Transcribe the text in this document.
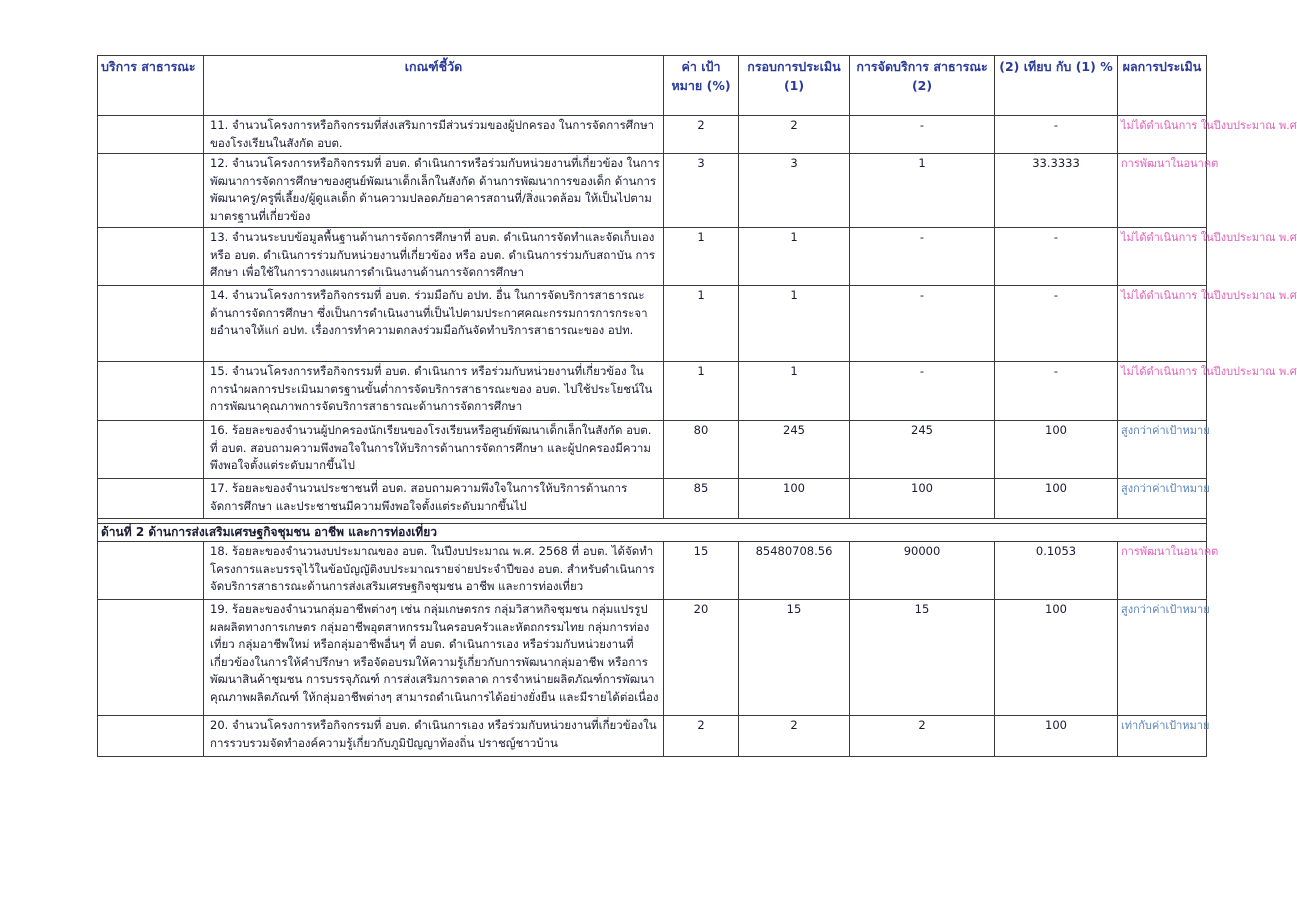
บริการ สาธารณะ	เกณฑ์ชี้วัด	ค่า เป้าหมาย (%)	กรอบการประเมิน (1)	การจัดบริการ สาธารณะ (2)	(2) เทียบ กับ (1) %	ผลการประเมิน
	11. จำนวนโครงการหรือกิจกรรมที่ส่งเสริมการมีส่วนร่วมของผู้ปกครอง ในการจัดการศึกษาของโรงเรียนในสังกัด อบต.	2	2	-	-	ไม่ได้ดำเนินการ ในปีงบประมาณ พ.ศ
	12. จำนวนโครงการหรือกิจกรรมที่ อบต. ดำเนินการหรือร่วมกับหน่วยงานที่เกี่ยวข้อง ในการพัฒนาการจัดการศึกษาของศูนย์พัฒนาเด็กเล็กในสังกัด ด้านการพัฒนาการของเด็ก ด้านการพัฒนาครู/ครูพี่เลี้ยง/ผู้ดูแลเด็ก ด้านความปลอดภัยอาคารสถานที่/สิ่งแวดล้อม ให้เป็นไปตามมาตรฐานที่เกี่ยวข้อง	3	3	1	33.3333	การพัฒนาในอนาคต
	13. จำนวนระบบข้อมูลพื้นฐานด้านการจัดการศึกษาที่ อบต. ดำเนินการจัดทำและจัดเก็บเอง หรือ อบต. ดำเนินการร่วมกับหน่วยงานที่เกี่ยวข้อง หรือ อบต. ดำเนินการร่วมกับสถาบัน การศึกษา เพื่อใช้ในการวางแผนการดำเนินงานด้านการจัดการศึกษา	1	1	-	-	ไม่ได้ดำเนินการ ในปีงบประมาณ พ.ศ
	14. จำนวนโครงการหรือกิจกรรมที่ อบต. ร่วมมือกับ อปท. อื่น ในการจัดบริการสาธารณะด้านการจัดการศึกษา ซึ่งเป็นการดำเนินงานที่เป็นไปตามประกาศคณะกรรมการการกระจายอำนาจให้แก่ อปท. เรื่องการทำความตกลงร่วมมือกันจัดทำบริการสาธารณะของ อปท.	1	1	-	-	ไม่ได้ดำเนินการ ในปีงบประมาณ พ.ศ
	15. จำนวนโครงการหรือกิจกรรมที่ อบต. ดำเนินการ หรือร่วมกับหน่วยงานที่เกี่ยวข้อง ในการนำผลการประเมินมาตรฐานขั้นต่ำการจัดบริการสาธารณะของ อบต. ไปใช้ประโยชน์ในการพัฒนาคุณภาพการจัดบริการสาธารณะด้านการจัดการศึกษา	1	1	-	-	ไม่ได้ดำเนินการ ในปีงบประมาณ พ.ศ
	16. ร้อยละของจำนวนผู้ปกครองนักเรียนของโรงเรียนหรือศูนย์พัฒนาเด็กเล็กในสังกัด อบต. ที่ อบต. สอบถามความพึงพอใจในการให้บริการด้านการจัดการศึกษา และผู้ปกครองมีความพึงพอใจตั้งแต่ระดับมากขึ้นไป	80	245	245	100	สูงกว่าค่าเป้าหมาย
	17. ร้อยละของจำนวนประชาชนที่ อบต. สอบถามความพึงใจในการให้บริการด้านการจัดการศึกษา และประชาชนมีความพึงพอใจตั้งแต่ระดับมากขึ้นไป	85	100	100	100	สูงกว่าค่าเป้าหมาย

ด้านที่ 2 ด้านการส่งเสริมเศรษฐกิจชุมชน อาชีพ และการท่องเที่ยว						
	18. ร้อยละของจำนวนงบประมาณของ อบต. ในปีงบประมาณ พ.ศ. 2568 ที่ อบต. ได้จัดทำโครงการและบรรจุไว้ในข้อบัญญัติงบประมาณรายจ่ายประจำปีของ อบต. สำหรับดำเนินการจัดบริการสาธารณะด้านการส่งเสริมเศรษฐกิจชุมชน อาชีพ และการท่องเที่ยว	15	85480708.56	90000	0.1053	การพัฒนาในอนาคต
	19. ร้อยละของจำนวนกลุ่มอาชีพต่างๆ เช่น กลุ่มเกษตรกร กลุ่มวิสาหกิจชุมชน กลุ่มแปรรูปผลผลิตทางการเกษตร กลุ่มอาชีพอุตสาหกรรมในครอบครัวและหัตถกรรมไทย กลุ่มการท่องเที่ยว กลุ่มอาชีพใหม่ หรือกลุ่มอาชีพอื่นๆ ที่ อบต. ดำเนินการเอง หรือร่วมกับหน่วยงานที่เกี่ยวข้องในการให้คำปรึกษา หรือจัดอบรมให้ความรู้เกี่ยวกับการพัฒนากลุ่มอาชีพ หรือการพัฒนาสินค้าชุมชน การบรรจุภัณฑ์ การส่งเสริมการตลาด การจำหน่ายผลิตภัณฑ์การพัฒนาคุณภาพผลิตภัณฑ์ ให้กลุ่มอาชีพต่างๆ สามารถดำเนินการได้อย่างยั่งยืน และมีรายได้ต่อเนื่อง	20	15	15	100	สูงกว่าค่าเป้าหมาย
	20. จำนวนโครงการหรือกิจกรรมที่ อบต. ดำเนินการเอง หรือร่วมกับหน่วยงานที่เกี่ยวข้องในการรวบรวมจัดทำองค์ความรู้เกี่ยวกับภูมิปัญญาท้องถิ่น ปราชญ์ชาวบ้าน	2	2	2	100	เท่ากับค่าเป้าหมาย
